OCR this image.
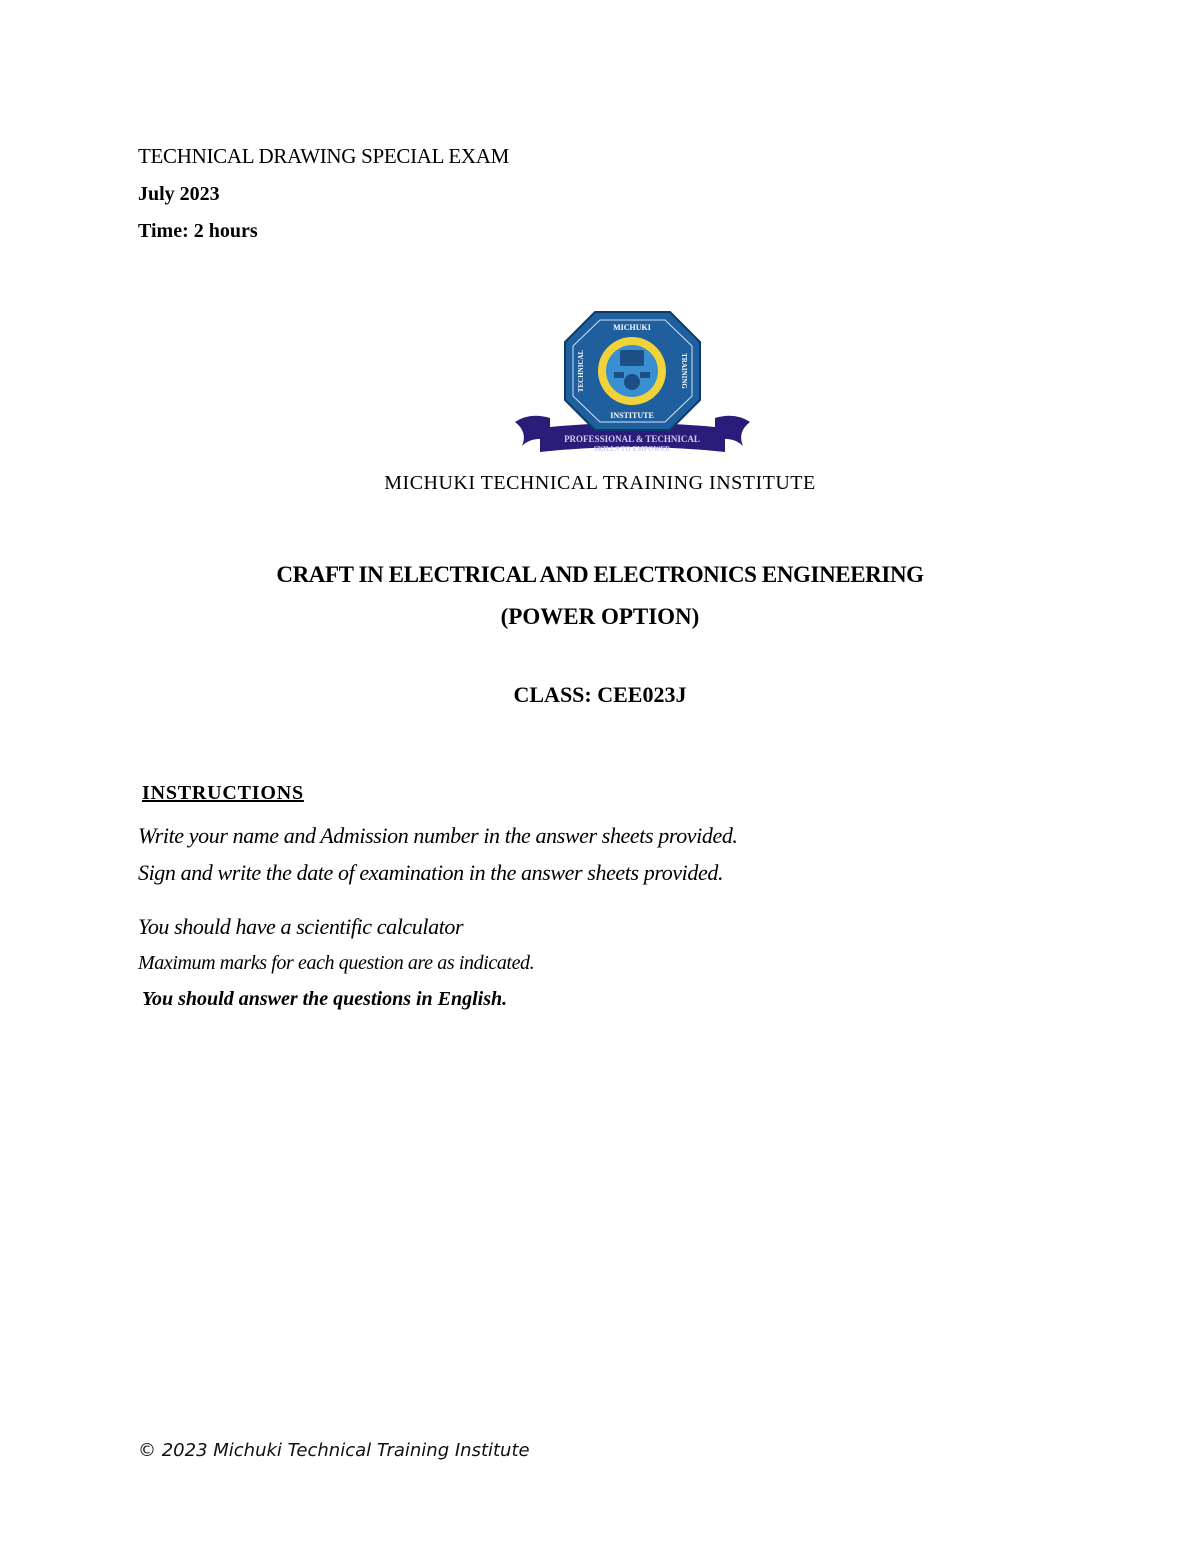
TECHNICAL DRAWING SPECIAL EXAM
July 2023
Time: 2 hours
PROFESSIONAL & TECHNICAL
SKILLS TO EMPOWER
MICHUKI
INSTITUTE
TECHNICAL	TRAINING
MICHUKI TECHNICAL TRAINING INSTITUTE
CRAFT IN ELECTRICAL AND ELECTRONICS ENGINEERING
(POWER OPTION)
CLASS: CEE023J
INSTRUCTIONS
Write your name and Admission number in the answer sheets provided.
Sign and write the date of examination in the answer sheets provided.
You should have a scientific calculator
Maximum marks for each question are as indicated.
You should answer the questions in English.
© 2023 Michuki Technical Training Institute
